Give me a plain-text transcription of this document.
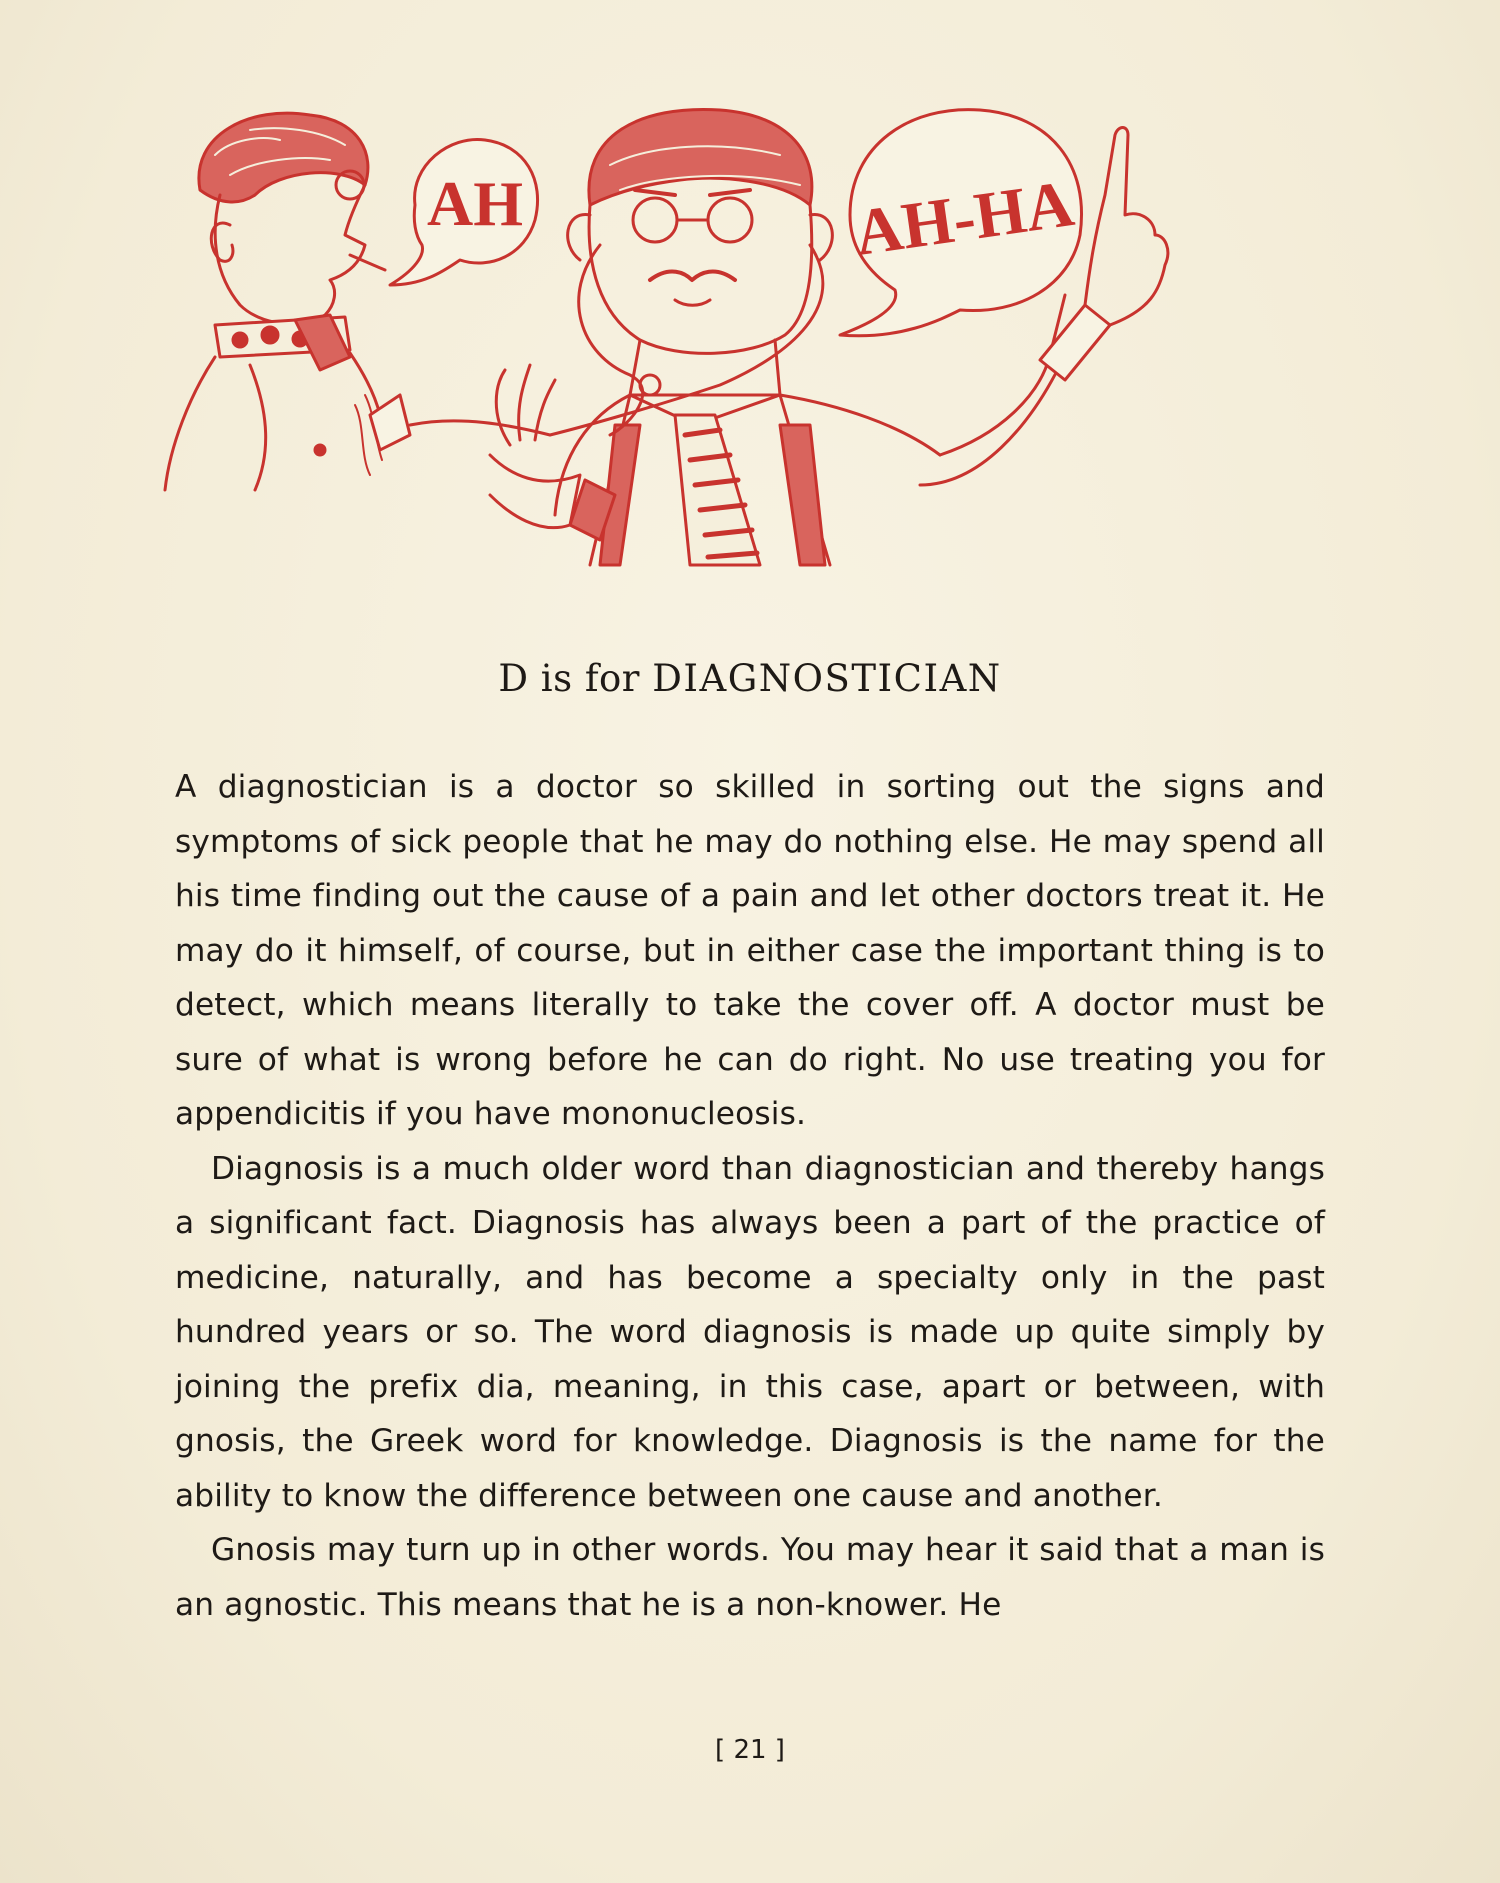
AH	AH-HA
D is for DIAGNOSTICIAN

A diagnostician is a doctor so skilled in sorting out the signs and symptoms of sick people that he may do nothing else. He may spend all his time finding out the cause of a pain and let other doctors treat it. He may do it himself, of course, but in either case the important thing is to detect, which means literally to take the cover off. A doctor must be sure of what is wrong before he can do right. No use treating you for appendicitis if you have mononucleosis.

Diagnosis is a much older word than diagnostician and thereby hangs a significant fact. Diagnosis has always been a part of the practice of medicine, naturally, and has become a specialty only in the past hundred years or so. The word diagnosis is made up quite simply by joining the prefix dia, meaning, in this case, apart or between, with gnosis, the Greek word for knowledge. Diagnosis is the name for the ability to know the difference between one cause and another.

Gnosis may turn up in other words. You may hear it said that a man is an agnostic. This means that he is a non-knower. He

[ 21 ]
